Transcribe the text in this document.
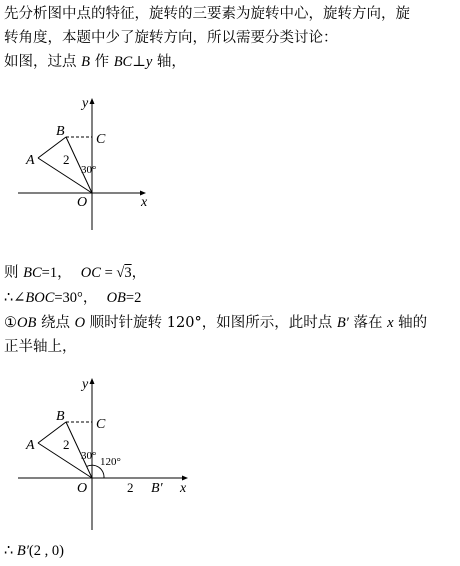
先分析图中点的特征，旋转的三要素为旋转中心，旋转方向，旋
转角度，本题中少了旋转方向，所以需要分类讨论：
如图，过点 B 作 BC⊥y 轴，
y
B
C
A 2
30°
O	x
则 BC=1， OC = √3，
∴∠BOC=30°， OB=2
①OB 绕点 O 顺时针旋转 120°，如图所示，此时点 B′ 落在 x 轴的
正半轴上，
y
B
C
A 2
30° 120°
O	2 B′ x
∴ B′(2 , 0)
